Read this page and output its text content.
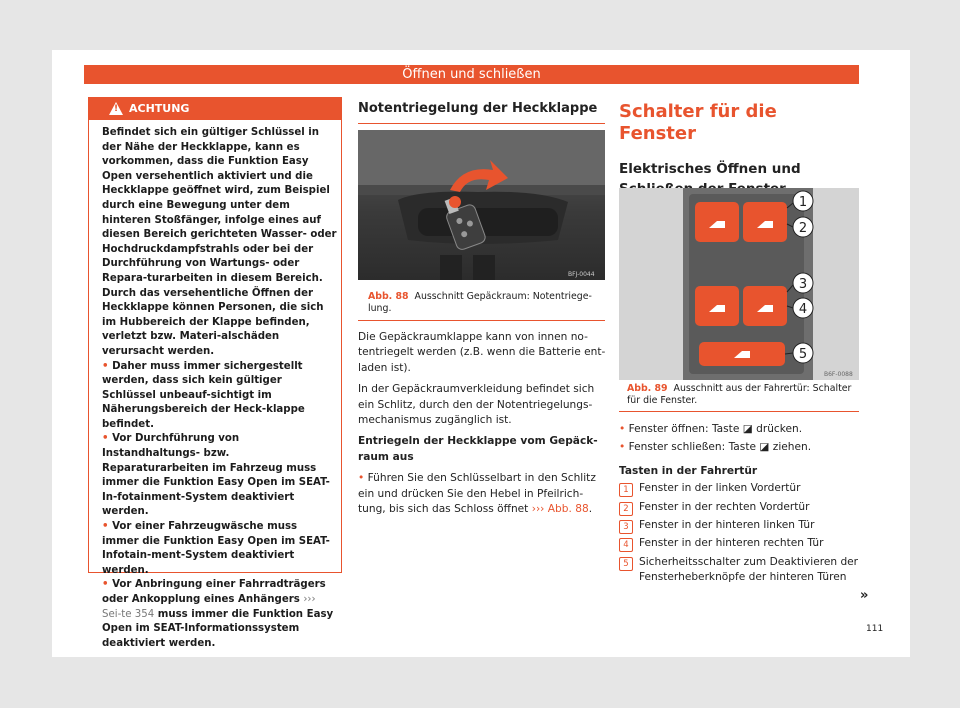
Öffnen und schließen
!
ACHTUNG

Befindet sich ein gültiger Schlüssel in der Nähe der Heckklappe, kann es vorkommen, dass die Funktion Easy Open versehentlich aktiviert und die Heckklappe geöffnet wird, zum Beispiel durch eine Bewegung unter dem hinteren Stoßfänger, infolge eines auf diesen Bereich gerichteten Wasser- oder Hochdruckdampfstrahls oder bei der Durchführung von Wartungs- oder Repara-turarbeiten in diesem Bereich. Durch das versehentliche Öffnen der Heckklappe können Personen, die sich im Hubbereich der Klappe befinden, verletzt bzw. Materi-alschäden verursacht werden.

• Daher muss immer sichergestellt werden, dass sich kein gültiger Schlüssel unbeauf-sichtigt im Näherungsbereich der Heck-klappe befindet.

• Vor Durchführung von Instandhaltungs- bzw. Reparaturarbeiten im Fahrzeug muss immer die Funktion Easy Open im SEAT-In-fotainment-System deaktiviert werden.

• Vor einer Fahrzeugwäsche muss immer die Funktion Easy Open im SEAT-Infotain-ment-System deaktiviert werden.

• Vor Anbringung einer Fahrradträgers oder Ankopplung eines Anhängers ››› Sei-te 354 muss immer die Funktion Easy Open im SEAT-Informationssystem deaktiviert werden.

Notentriegelung der Heckklappe
BFJ-0044
Abb. 88 Ausschnitt Gepäckraum: Notentriege-lung.

Die Gepäckraumklappe kann von innen no-tentriegelt werden (z.B. wenn die Batterie ent-laden ist).

In der Gepäckraumverkleidung befindet sich ein Schlitz, durch den der Notentriegelungs-mechanismus zugänglich ist.

Entriegeln der Heckklappe vom Gepäck-raum aus

• Führen Sie den Schlüsselbart in den Schlitz ein und drücken Sie den Hebel in Pfeilrich-tung, bis sich das Schloss öffnet ››› Abb. 88.

Schalter für die Fenster
Elektrisches Öffnen und
1
2
3
4
5
B6F-0088
Abb. 89 Ausschnitt aus der Fahrertür: Schalter für die Fenster.

• Fenster öffnen: Taste ◪ drücken.

• Fenster schließen: Taste ◪ ziehen.

Tasten in der Fahrertür

1 Fenster in der linken Vordertür
2 Fenster in der rechten Vordertür
3 Fenster in der hinteren linken Tür
4 Fenster in der hinteren rechten Tür
5 Sicherheitsschalter zum Deaktivieren der Fensterheberknöpfe der hinteren Türen
»
111
